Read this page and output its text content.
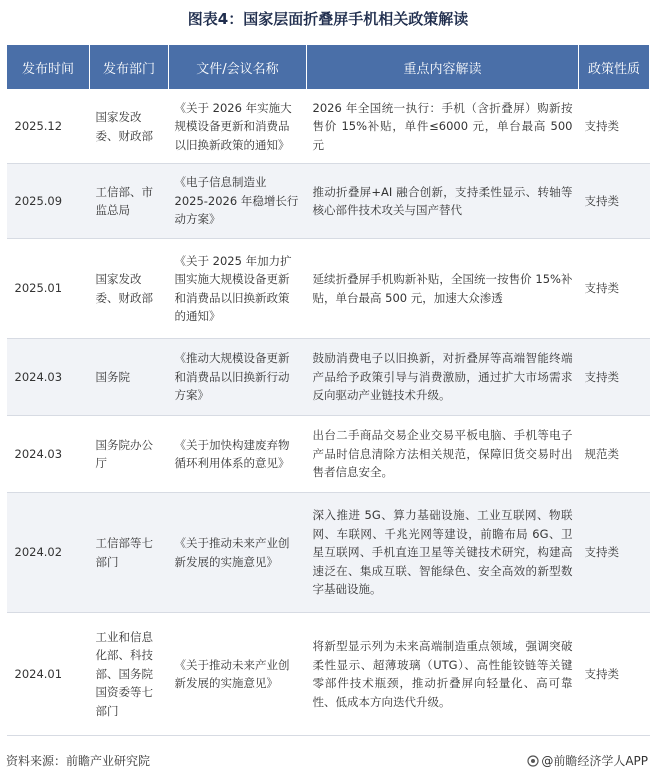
图表4：国家层面折叠屏手机相关政策解读
发布时间	发布部门	文件/会议名称	重点内容解读	政策性质
2025.12	国家发改委、财政部	《关于 2026 年实施大规模设备更新和消费品以旧换新政策的通知》	2026 年全国统一执行：手机（含折叠屏）购新按售价 15%补贴，单件≤6000 元，单台最高 500 元	支持类
2025.09	工信部、市监总局	《电子信息制造业 2025-2026 年稳增长行动方案》	推动折叠屏+AI 融合创新，支持柔性显示、转轴等核心部件技术攻关与国产替代	支持类
2025.01	国家发改委、财政部	《关于 2025 年加力扩围实施大规模设备更新和消费品以旧换新政策的通知》	延续折叠屏手机购新补贴，全国统一按售价 15%补贴，单台最高 500 元，加速大众渗透	支持类
2024.03	国务院	《推动大规模设备更新和消费品以旧换新行动方案》	鼓励消费电子以旧换新，对折叠屏等高端智能终端产品给予政策引导与消费激励，通过扩大市场需求反向驱动产业链技术升级。	支持类
2024.03	国务院办公厅	《关于加快构建废弃物循环利用体系的意见》	出台二手商品交易企业交易平板电脑、手机等电子产品时信息清除方法相关规范，保障旧货交易时出售者信息安全。	规范类
2024.02	工信部等七部门	《关于推动未来产业创新发展的实施意见》	深入推进 5G、算力基础设施、工业互联网、物联网、车联网、千兆光网等建设，前瞻布局 6G、卫星互联网、手机直连卫星等关键技术研究，构建高速泛在、集成互联、智能绿色、安全高效的新型数字基础设施。	支持类
2024.01	工业和信息化部、科技部、国务院国资委等七部门	《关于推动未来产业创新发展的实施意见》	将新型显示列为未来高端制造重点领域，强调突破柔性显示、超薄玻璃（UTG）、高性能铰链等关键零部件技术瓶颈，推动折叠屏向轻量化、高可靠性、低成本方向迭代升级。	支持类
资料来源：前瞻产业研究院	@前瞻经济学人APP
